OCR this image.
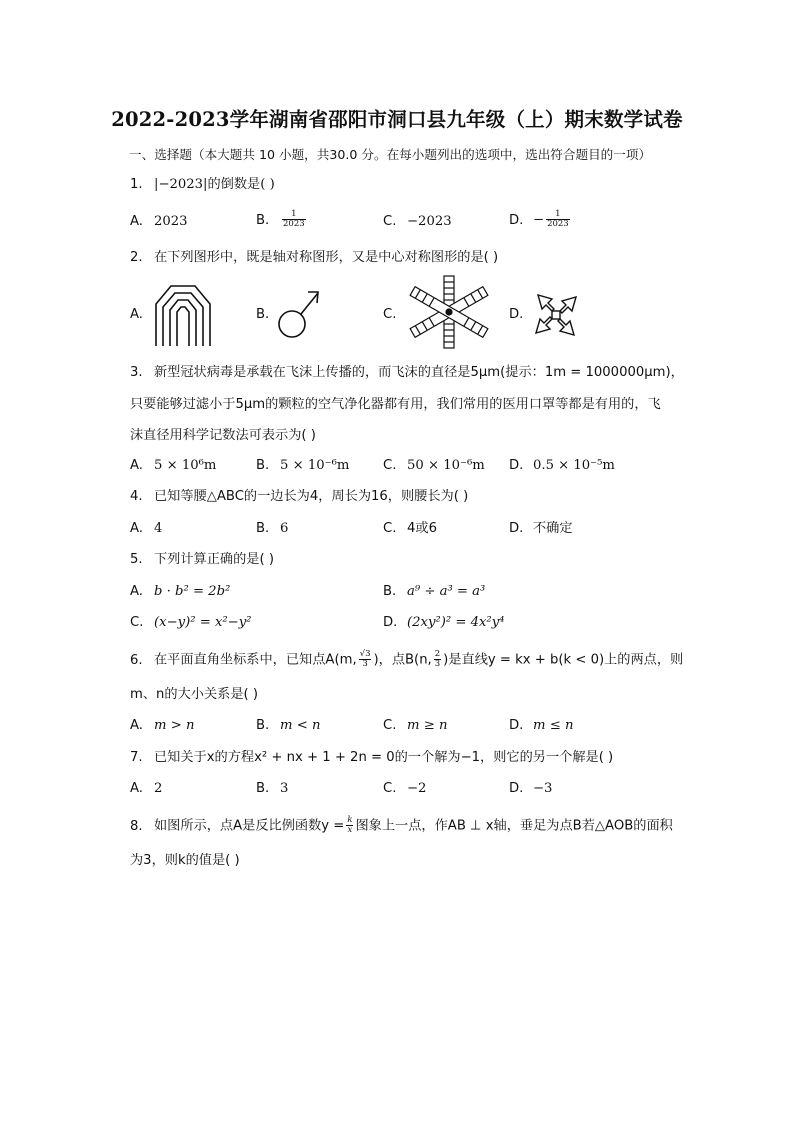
2022-2023学年湖南省邵阳市洞口县九年级（上）期末数学试卷
一、选择题（本大题共 10 小题，共30.0 分。在每小题列出的选项中，选出符合题目的一项）
1. |−2023|的倒数是( )
A. 2023	B. $\frac{1}{2023}$	C. −2023	D. − $\frac{1}{2023}$
2. 在下列图形中，既是轴对称图形，又是中心对称图形的是( )
A.	B.	C.	D.
3. 新型冠状病毒是承载在飞沫上传播的，而飞沫的直径是5μm(提示：1m = 1000000μm)，
只要能够过滤小于5μm的颗粒的空气净化器都有用，我们常用的医用口罩等都是有用的，飞
沫直径用科学记数法可表示为( )
A. 5 × 10⁶m	B. 5 × 10⁻⁶m	C. 50 × 10⁻⁶m D. 0.5 × 10⁻⁵m
4. 已知等腰△ABC的一边长为4，周长为16，则腰长为( )
A. 4	B. 6	C. 4或6	D. 不确定
5. 下列计算正确的是( )
A. b · b² = 2b²	B. a⁹ ÷ a³ = a³
C. (x−y)² = x²−y²	D. (2xy²)² = 4x²y⁴
6. 在平面直角坐标系中，已知点A(m, $\frac{√3}{3}$ )，点B(n, $\frac{2}{3}$ )是直线y = kx + b(k < 0)上的两点，则
m、n的大小关系是( )
A. m > n	B. m < n	C. m ≥ n	D. m ≤ n
7. 已知关于x的方程x² + nx + 1 + 2n = 0的一个解为−1，则它的另一个解是( )
A. 2	B. 3	C. −2	D. −3
8. 如图所示，点A是反比例函数$y = \frac{k}{x}$ 图象上一点，作AB ⊥ x轴，垂足为点B若△AOB的面积
为3，则k的值是( )
